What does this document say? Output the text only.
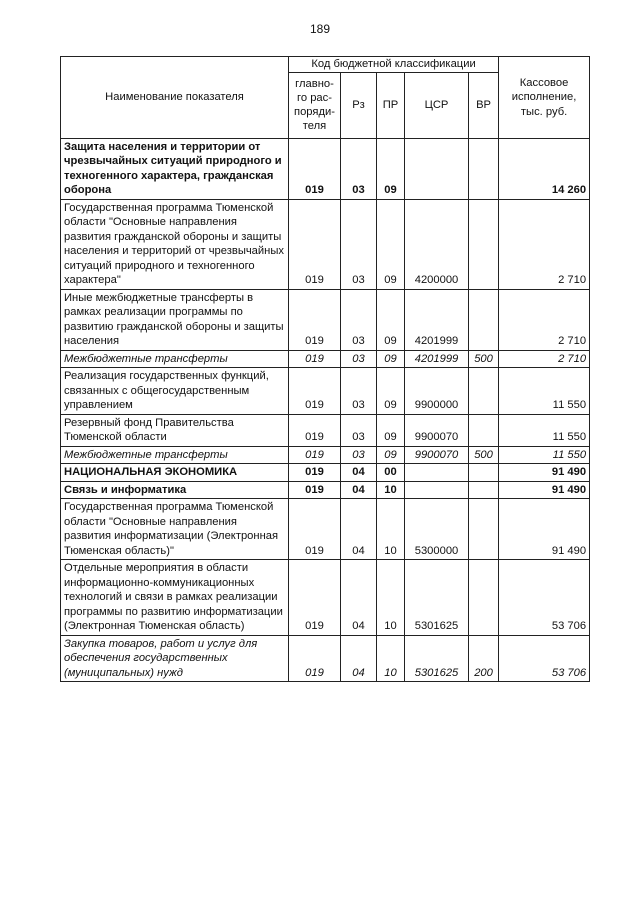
189
Наименование показателя	Код бюджетной классификации					Кассовое
исполнение,
тыс. руб.
	главно-
го рас-
поряди-
теля	Рз	ПР	ЦСР	ВР	
Защита населения и территории от чрезвычайных ситуаций природного и техногенного характера, гражданская оборона	019	03	09			14 260
Государственная программа Тюменской области "Основные направления развития гражданской обороны и защиты населения и территорий от чрезвычайных ситуаций природного и техногенного характера"	019	03	09	4200000		2 710
Иные межбюджетные трансферты в рамках реализации программы по развитию гражданской обороны и защиты населения	019	03	09	4201999		2 710
Межбюджетные трансферты	019	03	09	4201999	500	2 710
Реализация государственных функций, связанных с общегосударственным управлением	019	03	09	9900000		11 550
Резервный фонд Правительства Тюменской области	019	03	09	9900070		11 550
Межбюджетные трансферты	019	03	09	9900070	500	11 550
НАЦИОНАЛЬНАЯ ЭКОНОМИКА	019	04	00			91 490
Связь и информатика	019	04	10			91 490
Государственная программа Тюменской области "Основные направления развития информатизации (Электронная Тюменская область)"	019	04	10	5300000		91 490
Отдельные мероприятия в области информационно-коммуникационных технологий и связи в рамках реализации программы по развитию информатизации (Электронная Тюменская область)	019	04	10	5301625		53 706
Закупка товаров, работ и услуг для обеспечения государственных (муниципальных) нужд	019	04	10	5301625	200	53 706
